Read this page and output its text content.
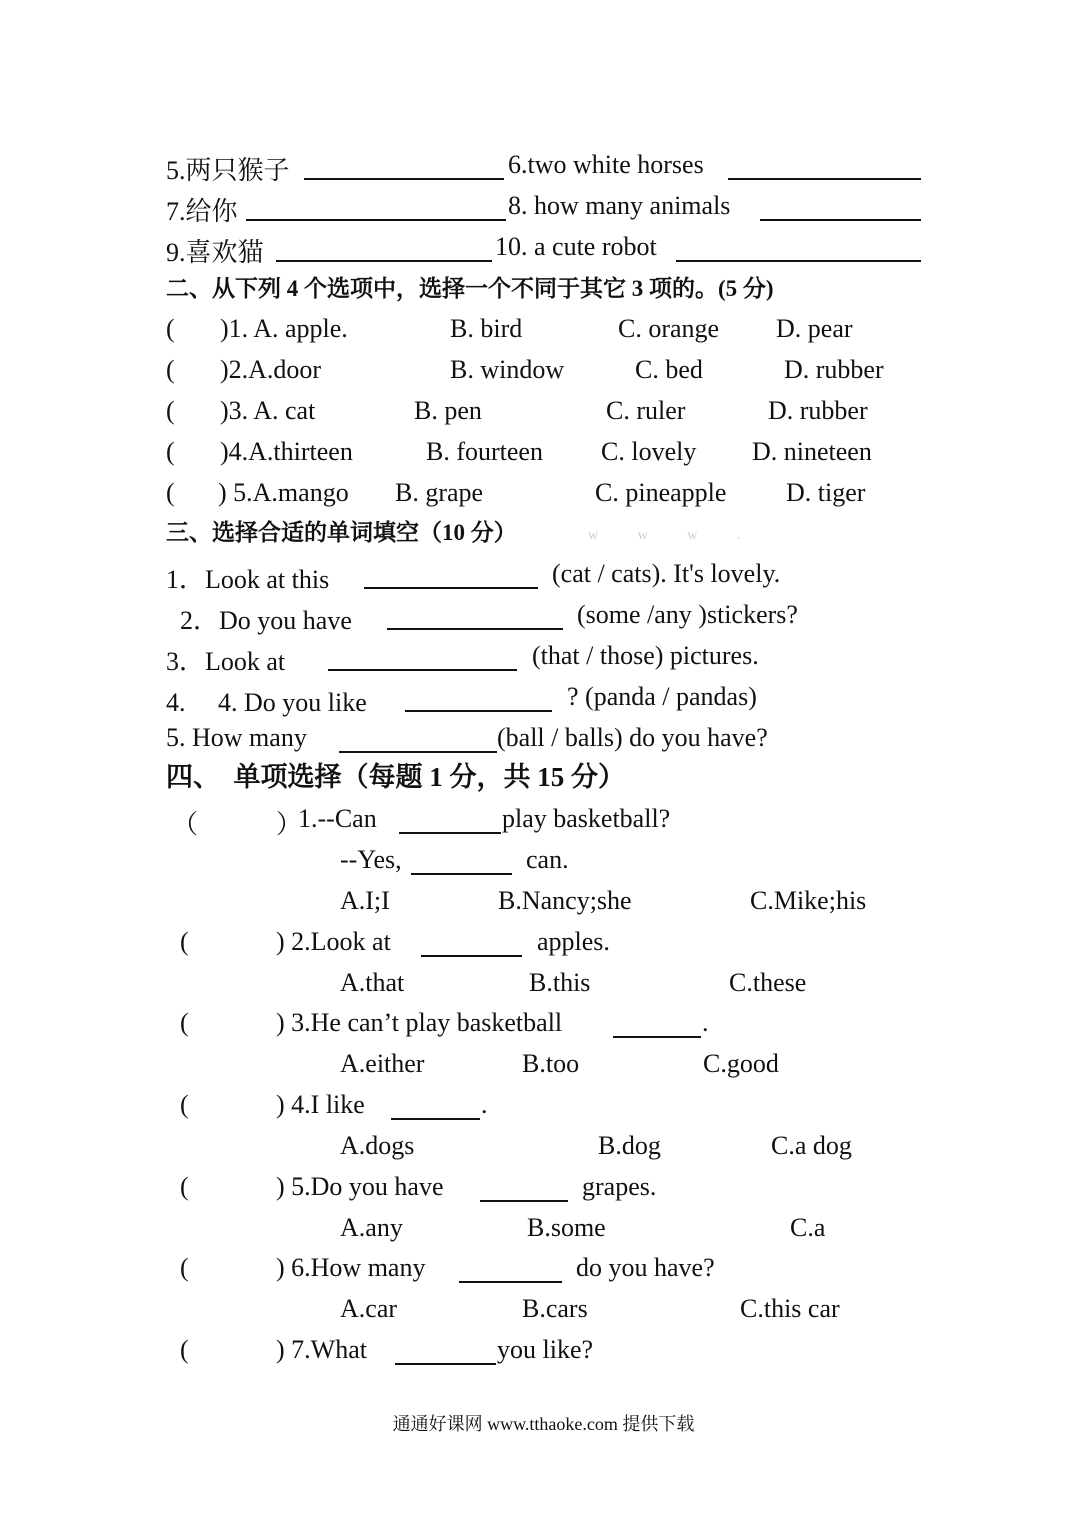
5.两只猴子	6.two white horses
7.给你	8. how many animals
9.喜欢猫	10. a cute robot
二、从下列 4 个选项中，选择一个不同于其它 3 项的。(5 分)
( )1. A. apple.	B. bird	C. orange D. pear
( )2.A.door	B. window	C. bed	D. rubber
( )3. A. cat	B. pen	C. ruler	D. rubber
( )4.A.thirteen	B. fourteen C. lovely D. nineteen
( ) 5.A.mango B. grape	C. pineapple D. tiger
三、选择合适的单词填空（10 分）	w w w .
1．Look at this	(cat / cats). It's lovely.
2．Do you have	(some /any )stickers?
3．Look at	(that / those) pictures.
4.　 4. Do you like	? (panda / pandas)
5. How many	(ball / balls) do you have?
四、　单项选择（每题 1 分，共 15 分）
（　　　）
1.--Can	play basketball?
--Yes,	can.
A.I;I	B.Nancy;she	C.Mike;his
(	) 2.Look at	apples.
A.that	B.this	C.these
(	) 3.He can’t play basketball	.
A.either	B.too	C.good
(	) 4.I like	.
A.dogs	B.dog	C.a dog
(	) 5.Do you have	grapes.
A.any	B.some	C.a
(	) 6.How many	do you have?
A.car	B.cars	C.this car
(	) 7.What	you like?
通通好课网 www.tthaoke.com 提供下载
